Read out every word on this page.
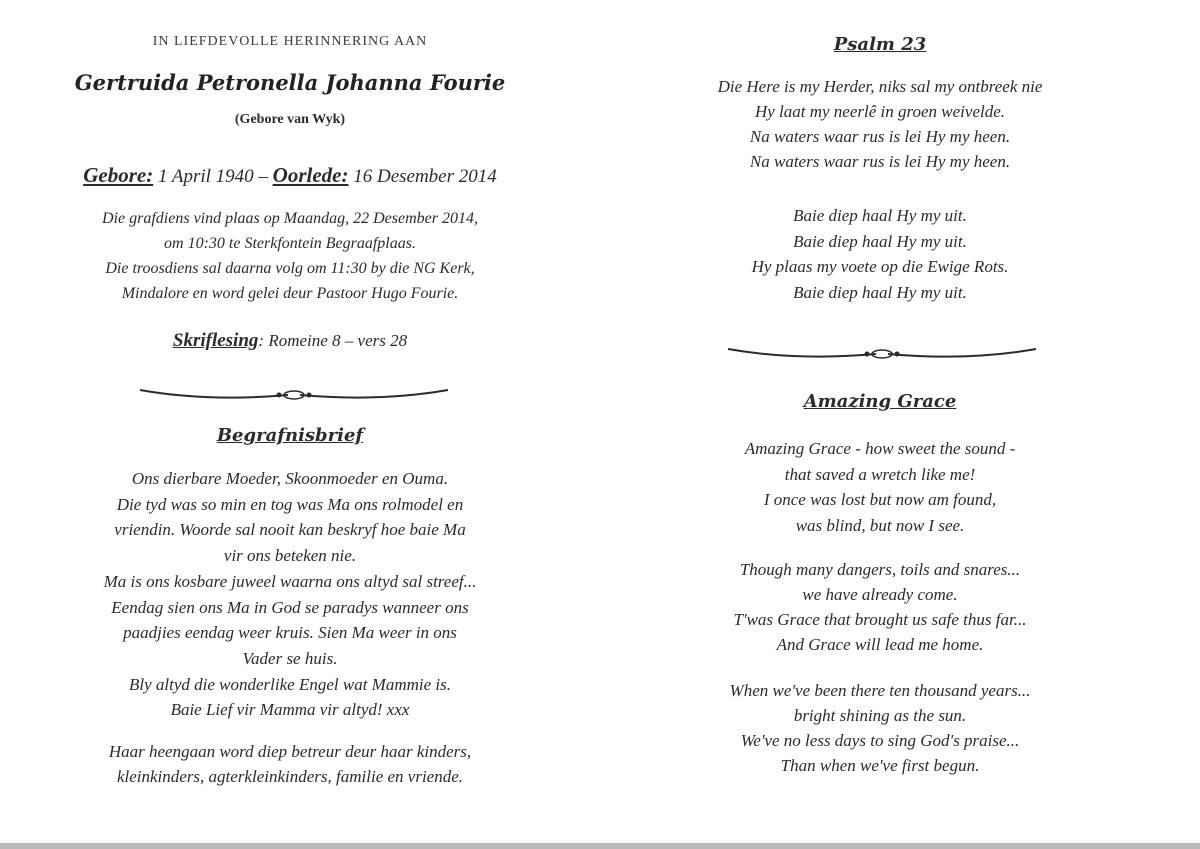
IN LIEFDEVOLLE HERINNERING AAN
Gertruida Petronella Johanna Fourie
(Gebore van Wyk)
Gebore: 1 April 1940 – Oorlede: 16 Desember 2014
Die grafdiens vind plaas op Maandag, 22 Desember 2014,
om 10:30 te Sterkfontein Begraafplaas.
Die troosdiens sal daarna volg om 11:30 by die NG Kerk,
Mindalore en word gelei deur Pastoor Hugo Fourie.
Skriflesing: Romeine 8 – vers 28
Begrafnisbrief
Ons dierbare Moeder, Skoonmoeder en Ouma.
Die tyd was so min en tog was Ma ons rolmodel en
vriendin. Woorde sal nooit kan beskryf hoe baie Ma
vir ons beteken nie.
Ma is ons kosbare juweel waarna ons altyd sal streef...
Eendag sien ons Ma in God se paradys wanneer ons
paadjies eendag weer kruis. Sien Ma weer in ons
Vader se huis.
Bly altyd die wonderlike Engel wat Mammie is.
Baie Lief vir Mamma vir altyd! xxx
Haar heengaan word diep betreur deur haar kinders,
kleinkinders, agterkleinkinders, familie en vriende.
Psalm 23
Die Here is my Herder, niks sal my ontbreek nie
Hy laat my neerlê in groen weivelde.
Na waters waar rus is lei Hy my heen.
Na waters waar rus is lei Hy my heen.
Baie diep haal Hy my uit.
Baie diep haal Hy my uit.
Hy plaas my voete op die Ewige Rots.
Baie diep haal Hy my uit.
Amazing Grace
Amazing Grace - how sweet the sound -
that saved a wretch like me!
I once was lost but now am found,
was blind, but now I see.
Though many dangers, toils and snares...
we have already come.
T'was Grace that brought us safe thus far...
And Grace will lead me home.
When we've been there ten thousand years...
bright shining as the sun.
We've no less days to sing God's praise...
Than when we've first begun.
